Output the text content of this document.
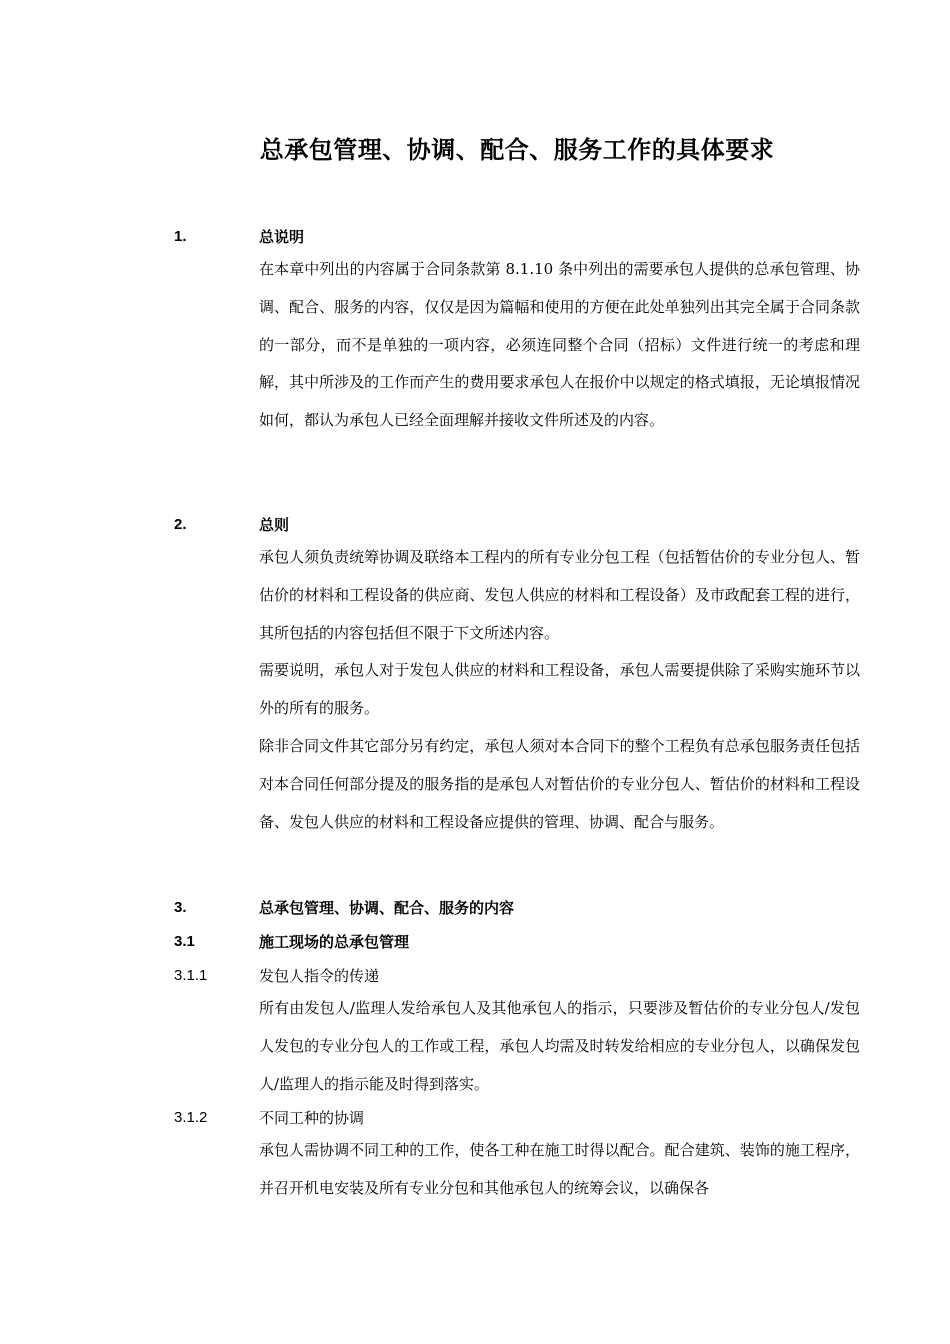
总承包管理、协调、配合、服务工作的具体要求
1.	总说明
在本章中列出的内容属于合同条款第 8.1.10 条中列出的需要承包人提供的总承包管理、协调、配合、服务的内容，仅仅是因为篇幅和使用的方便在此处单独列出其完全属于合同条款的一部分，而不是单独的一项内容，必须连同整个合同（招标）文件进行统一的考虑和理解，其中所涉及的工作而产生的费用要求承包人在报价中以规定的格式填报，无论填报情况如何，都认为承包人已经全面理解并接收文件所述及的内容。
2.	总则
承包人须负责统筹协调及联络本工程内的所有专业分包工程（包括暂估价的专业分包人、暂估价的材料和工程设备的供应商、发包人供应的材料和工程设备）及市政配套工程的进行，其所包括的内容包括但不限于下文所述内容。
需要说明，承包人对于发包人供应的材料和工程设备，承包人需要提供除了采购实施环节以外的所有的服务。
除非合同文件其它部分另有约定，承包人须对本合同下的整个工程负有总承包服务责任包括对本合同任何部分提及的服务指的是承包人对暂估价的专业分包人、暂估价的材料和工程设备、发包人供应的材料和工程设备应提供的管理、协调、配合与服务。
3.	总承包管理、协调、配合、服务的内容
3.1	施工现场的总承包管理
3.1.1	发包人指令的传递
所有由发包人/监理人发给承包人及其他承包人的指示，只要涉及暂估价的专业分包人/发包人发包的专业分包人的工作或工程，承包人均需及时转发给相应的专业分包人，以确保发包人/监理人的指示能及时得到落实。
3.1.2	不同工种的协调
承包人需协调不同工种的工作，使各工种在施工时得以配合。配合建筑、装饰的施工程序，并召开机电安装及所有专业分包和其他承包人的统筹会议，以确保各
